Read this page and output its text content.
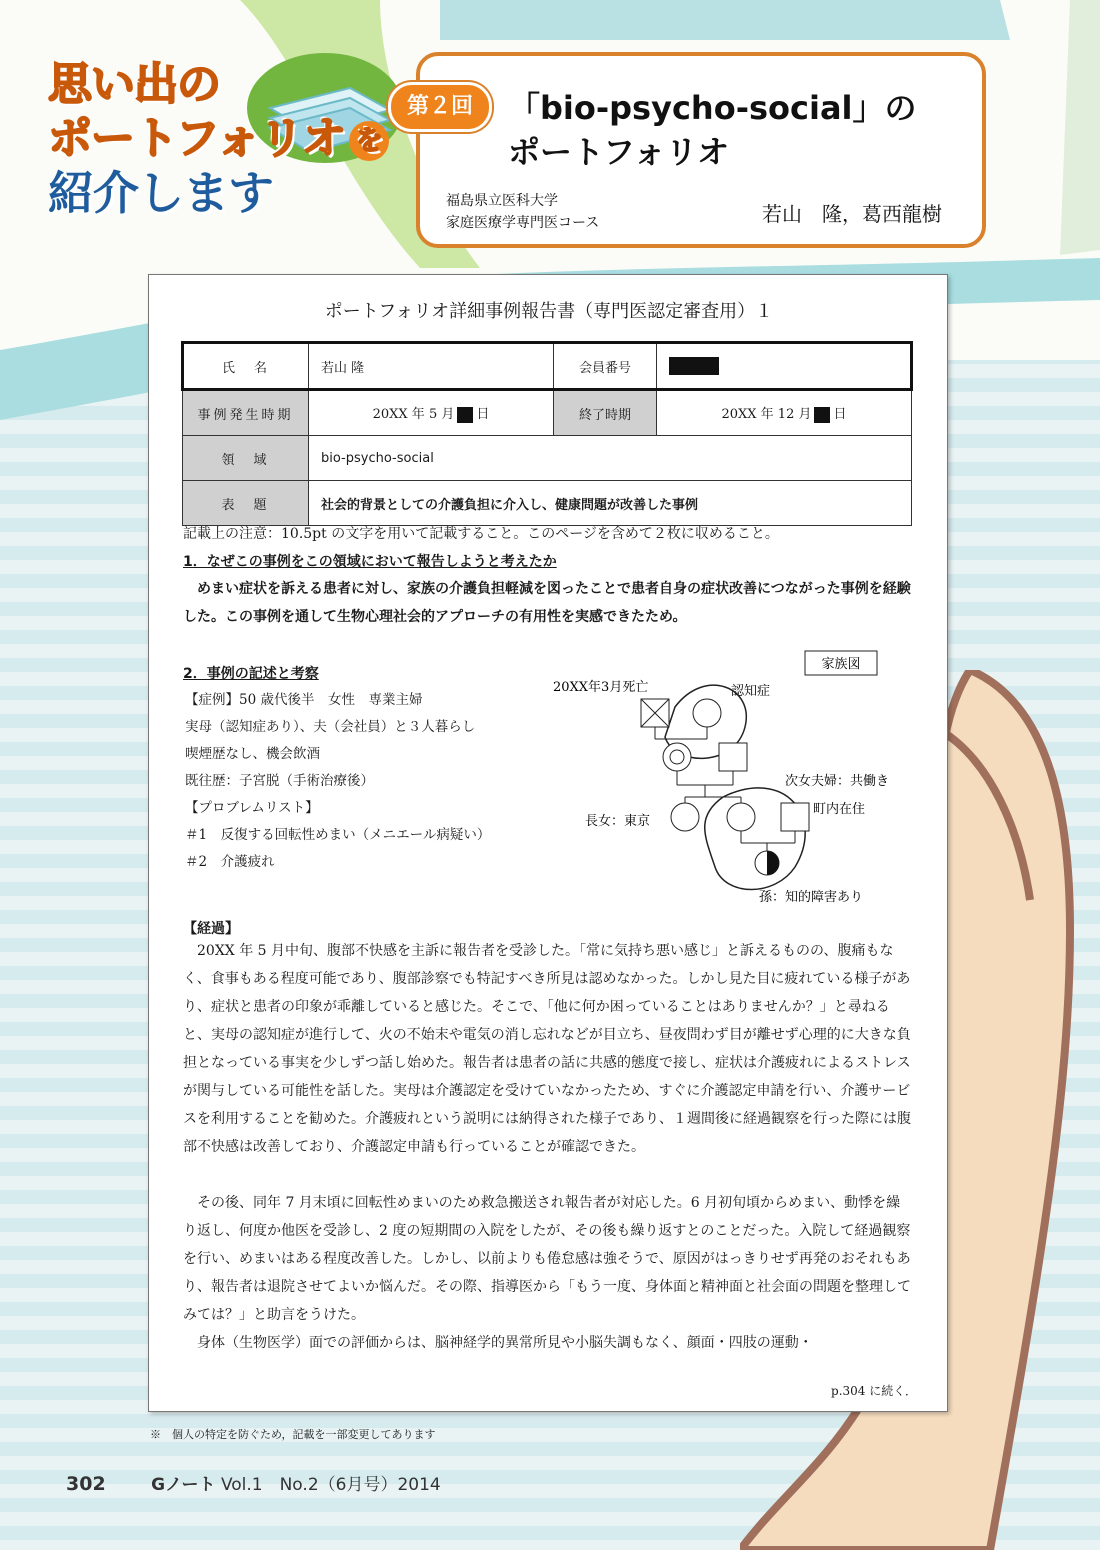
思い出の
ポートフォリオ を
紹介します
第２回	「bio-psycho-social」の
ポートフォリオ
福島県立医科大学
家庭医療学専門医コース	若山　隆，葛西龍樹
ポートフォリオ詳細事例報告書（専門医認定審査用）１
氏　名	若山 隆	会員番号	
事例発生時期	20XX 年 5 月 日	終了時期	20XX 年 12 月 日
領　域	bio-psycho-social		
表　題	社会的背景としての介護負担に介入し、健康問題が改善した事例		
記載上の注意：10.5pt の文字を用いて記載すること。このページを含めて２枚に収めること。
1．なぜこの事例をこの領域において報告しようと考えたか
　めまい症状を訴える患者に対し、家族の介護負担軽減を図ったことで患者自身の症状改善につながった事例を経験した。この事例を通して生物心理社会的アプローチの有用性を実感できたため。
2．事例の記述と考察
【症例】50 歳代後半　女性　専業主婦
実母（認知症あり）、夫（会社員）と３人暮らし
喫煙歴なし、機会飲酒
既往歴：子宮脱（手術治療後）
【プロブレムリスト】
＃1　反復する回転性めまい（メニエール病疑い）
＃2　介護疲れ
家族図
20XX年3月死亡	認知症
次女夫婦：共働き
町内在住
長女：東京
孫：知的障害あり
【経過】
　20XX 年 5 月中旬、腹部不快感を主訴に報告者を受診した。「常に気持ち悪い感じ」と訴えるものの、腹痛もなく、食事もある程度可能であり、腹部診察でも特記すべき所見は認めなかった。しかし見た目に疲れている様子があり、症状と患者の印象が乖離していると感じた。そこで、「他に何か困っていることはありませんか？」と尋ねると、実母の認知症が進行して、火の不始末や電気の消し忘れなどが目立ち、昼夜問わず目が離せず心理的に大きな負担となっている事実を少しずつ話し始めた。報告者は患者の話に共感的態度で接し、症状は介護疲れによるストレスが関与している可能性を話した。実母は介護認定を受けていなかったため、すぐに介護認定申請を行い、介護サービスを利用することを勧めた。介護疲れという説明には納得された様子であり、１週間後に経過観察を行った際には腹部不快感は改善しており、介護認定申請も行っていることが確認できた。
　その後、同年 7 月末頃に回転性めまいのため救急搬送され報告者が対応した。6 月初旬頃からめまい、動悸を繰り返し、何度か他医を受診し、2 度の短期間の入院をしたが、その後も繰り返すとのことだった。入院して経過観察を行い、めまいはある程度改善した。しかし、以前よりも倦怠感は強そうで、原因がはっきりせず再発のおそれもあり、報告者は退院させてよいか悩んだ。その際、指導医から「もう一度、身体面と精神面と社会面の問題を整理してみては？」と助言をうけた。
　身体（生物医学）面での評価からは、脳神経学的異常所見や小脳失調もなく、顔面・四肢の運動・
p.304 に続く．
※　個人の特定を防ぐため，記載を一部変更してあります
302	Gノート Vol.1　No.2（6月号）2014
